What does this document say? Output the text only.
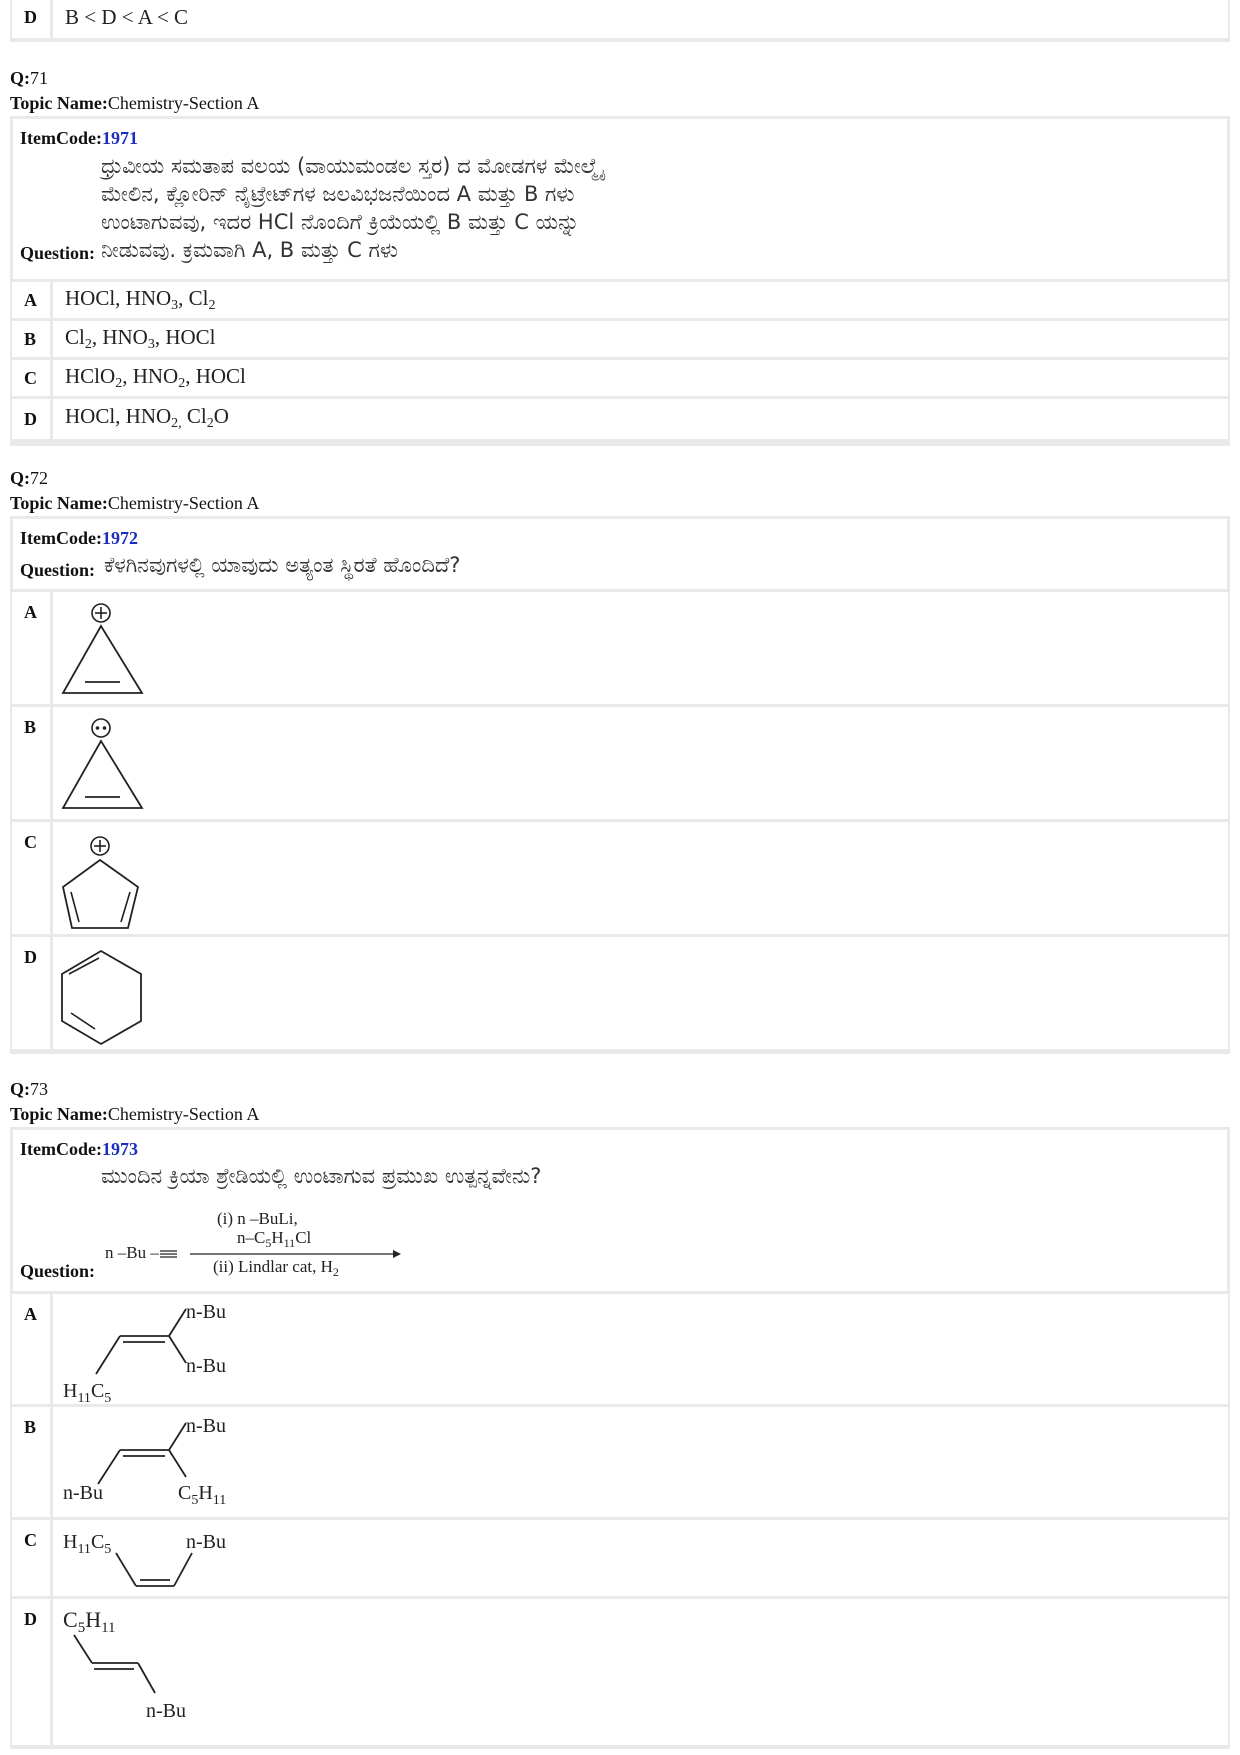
D B < D < A < C
Q:71
Topic Name:Chemistry-Section A
ItemCode:1971
ಧ್ರುವೀಯ ಸಮತಾಪ ವಲಯ (ವಾಯುಮಂಡಲ ಸ್ತರ) ದ ಮೋಡಗಳ ಮೇಲ್ಮೈ
ಮೇಲಿನ, ಕ್ಲೋರಿನ್ ನೈಟ್ರೇಟ್‌ಗಳ ಜಲವಿಭಜನೆಯಿಂದ A ಮತ್ತು B ಗಳು
ಉಂಟಾಗುವವು, ಇದರ HCl ನೊಂದಿಗೆ ಕ್ರಿಯೆಯಲ್ಲಿ B ಮತ್ತು C ಯನ್ನು
Question: ನೀಡುವವು. ಕ್ರಮವಾಗಿ A, B ಮತ್ತು C ಗಳು
A HOCl, $HNO_3$, $Cl_2$
B $Cl_2$, $HNO_3$, HOCl
C HClO$_2$, $HNO_2$, HOCl
D HOCl, $HNO_{2,}$ $Cl_2O$
Q:72
Topic Name:Chemistry-Section A
ItemCode:1972
Question: ಕೆಳಗಿನವುಗಳಲ್ಲಿ ಯಾವುದು ಅತ್ಯಂತ ಸ್ಥಿರತೆ ಹೊಂದಿದೆ?
A
B
C
D
Q:73
Topic Name:Chemistry-Section A
ItemCode:1973
ಮುಂದಿನ ಕ್ರಿಯಾ ಶ್ರೇಡಿಯಲ್ಲಿ ಉಂಟಾಗುವ ಪ್ರಮುಖ ಉತ್ಪನ್ನವೇನು?
Question:
n –Bu –
(i) n –BuLi,
$n-C_5H_{11}Cl$
(ii) Lindlar cat, $H_2$
A	n-Bu
n-Bu
$H_{11}C_5$
B	n-Bu
n-Bu	$C_5H_{11}$
C $H_{11}C_5$	n-Bu
D $C_5H_{11}$
n-Bu
